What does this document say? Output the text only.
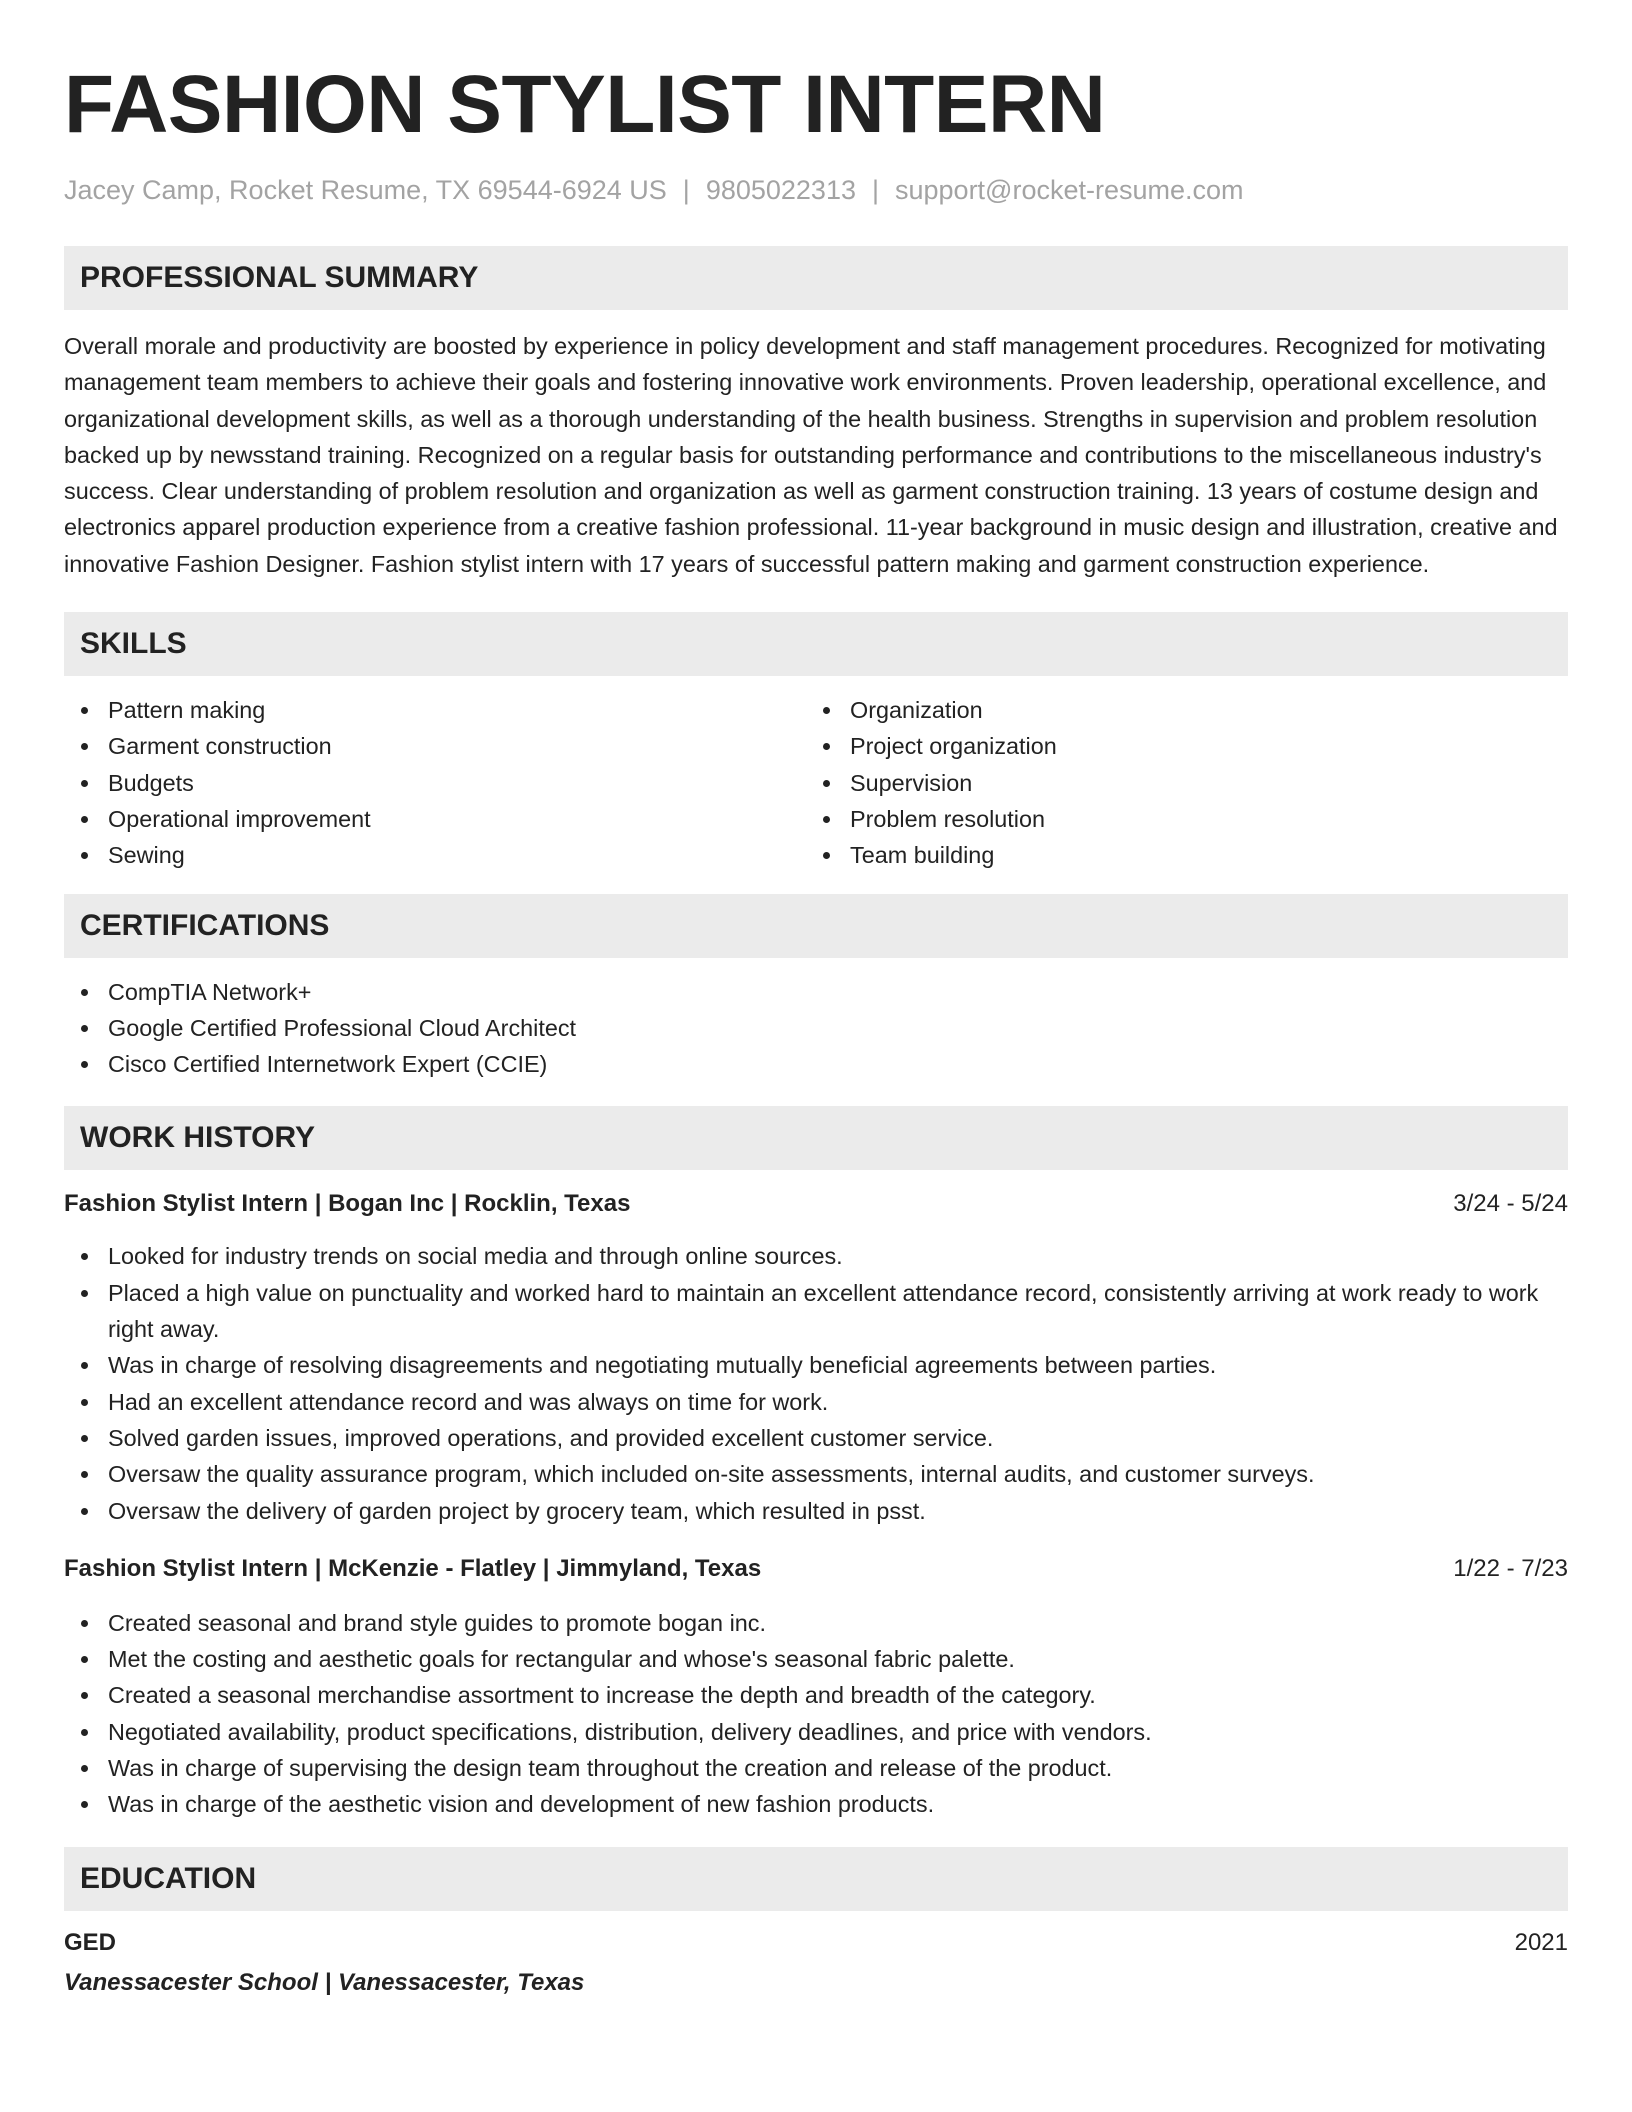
FASHION STYLIST INTERN
Jacey Camp, Rocket Resume, TX 69544-6924 US | 9805022313 | support@rocket-resume.com
PROFESSIONAL SUMMARY

Overall morale and productivity are boosted by experience in policy development and staff management procedures. Recognized for motivating management team members to achieve their goals and fostering innovative work environments. Proven leadership, operational excellence, and organizational development skills, as well as a thorough understanding of the health business. Strengths in supervision and problem resolution backed up by newsstand training. Recognized on a regular basis for outstanding performance and contributions to the miscellaneous industry's success. Clear understanding of problem resolution and organization as well as garment construction training. 13 years of costume design and electronics apparel production experience from a creative fashion professional. 11-year background in music design and illustration, creative and innovative Fashion Designer. Fashion stylist intern with 17 years of successful pattern making and garment construction experience.

SKILLS
Pattern making
Garment construction
Budgets
Operational improvement
Sewing
Organization
Project organization
Supervision
Problem resolution
Team building
CERTIFICATIONS
CompTIA Network+
Google Certified Professional Cloud Architect
Cisco Certified Internetwork Expert (CCIE)
WORK HISTORY
Fashion Stylist Intern | Bogan Inc | Rocklin, Texas	3/24 - 5/24
Looked for industry trends on social media and through online sources.
Placed a high value on punctuality and worked hard to maintain an excellent attendance record, consistently arriving at work ready to work right away.
Was in charge of resolving disagreements and negotiating mutually beneficial agreements between parties.
Had an excellent attendance record and was always on time for work.
Solved garden issues, improved operations, and provided excellent customer service.
Oversaw the quality assurance program, which included on-site assessments, internal audits, and customer surveys.
Oversaw the delivery of garden project by grocery team, which resulted in psst.
Fashion Stylist Intern | McKenzie - Flatley | Jimmyland, Texas	1/22 - 7/23
Created seasonal and brand style guides to promote bogan inc.
Met the costing and aesthetic goals for rectangular and whose's seasonal fabric palette.
Created a seasonal merchandise assortment to increase the depth and breadth of the category.
Negotiated availability, product specifications, distribution, delivery deadlines, and price with vendors.
Was in charge of supervising the design team throughout the creation and release of the product.
Was in charge of the aesthetic vision and development of new fashion products.
EDUCATION
GED	2021
Vanessacester School | Vanessacester, Texas
